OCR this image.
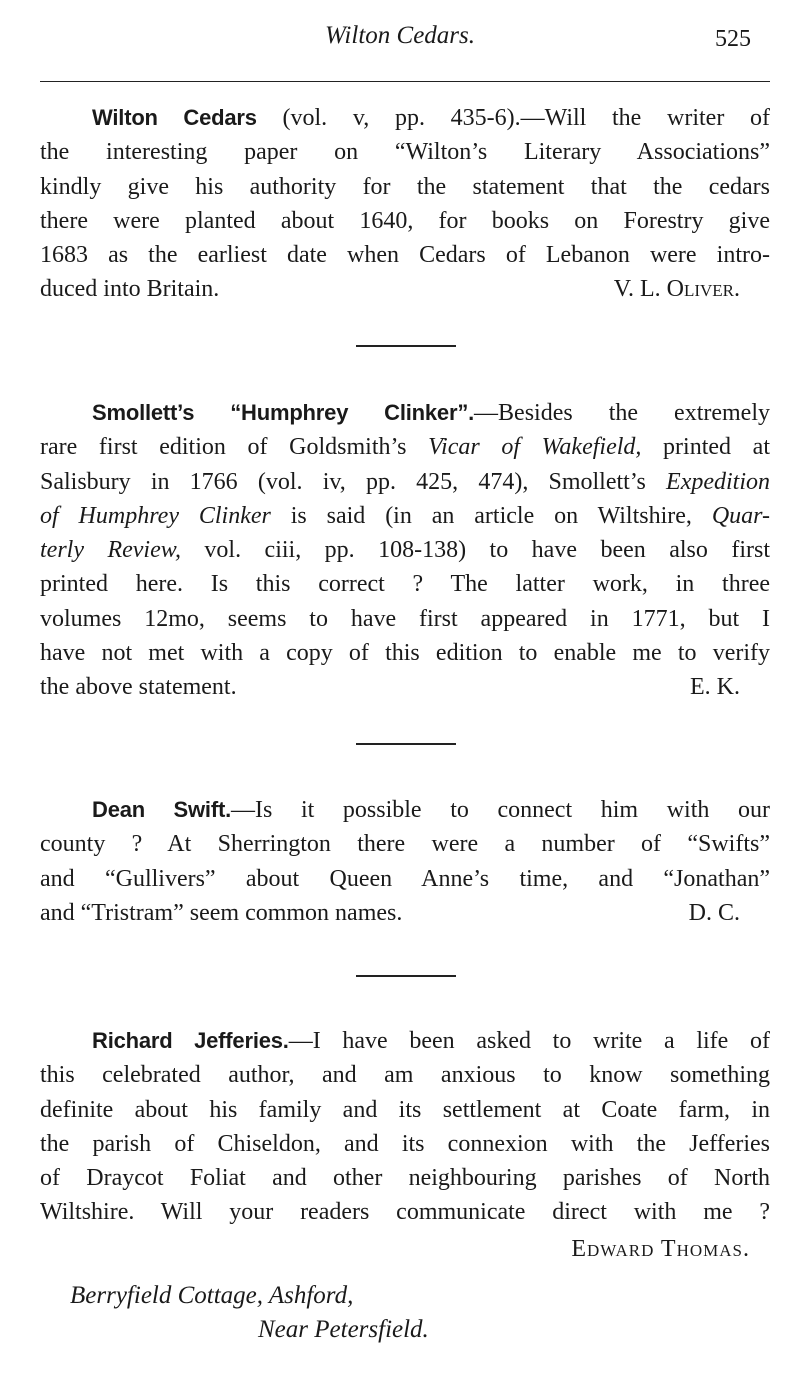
Wilton Cedars.	525
Wilton Cedars (vol. v, pp. 435-6).—Will the writer of
the interesting paper on “Wilton’s Literary Associations”
kindly give his authority for the statement that the cedars
there were planted about 1640, for books on Forestry give
1683 as the earliest date when Cedars of Lebanon were intro-
duced into Britain.	V. L. Oliver.
Smollett’s “Humphrey Clinker”.—Besides the extremely
rare first edition of Goldsmith’s Vicar of Wakefield, printed at
Salisbury in 1766 (vol. iv, pp. 425, 474), Smollett’s Expedition
of Humphrey Clinker is said (in an article on Wiltshire, Quar-
terly Review, vol. ciii, pp. 108-138) to have been also first
printed here. Is this correct ? The latter work, in three
volumes 12mo, seems to have first appeared in 1771, but I
have not met with a copy of this edition to enable me to verify
the above statement.	E. K.
Dean Swift.—Is it possible to connect him with our
county ? At Sherrington there were a number of “Swifts”
and “Gullivers” about Queen Anne’s time, and “Jonathan”
and “Tristram” seem common names.	D. C.
Richard Jefferies.—I have been asked to write a life of
this celebrated author, and am anxious to know something
definite about his family and its settlement at Coate farm, in
the parish of Chiseldon, and its connexion with the Jefferies
of Draycot Foliat and other neighbouring parishes of North
Wiltshire. Will your readers communicate direct with me ?
Edward Thomas.
Berryfield Cottage, Ashford,
Near Petersfield.
